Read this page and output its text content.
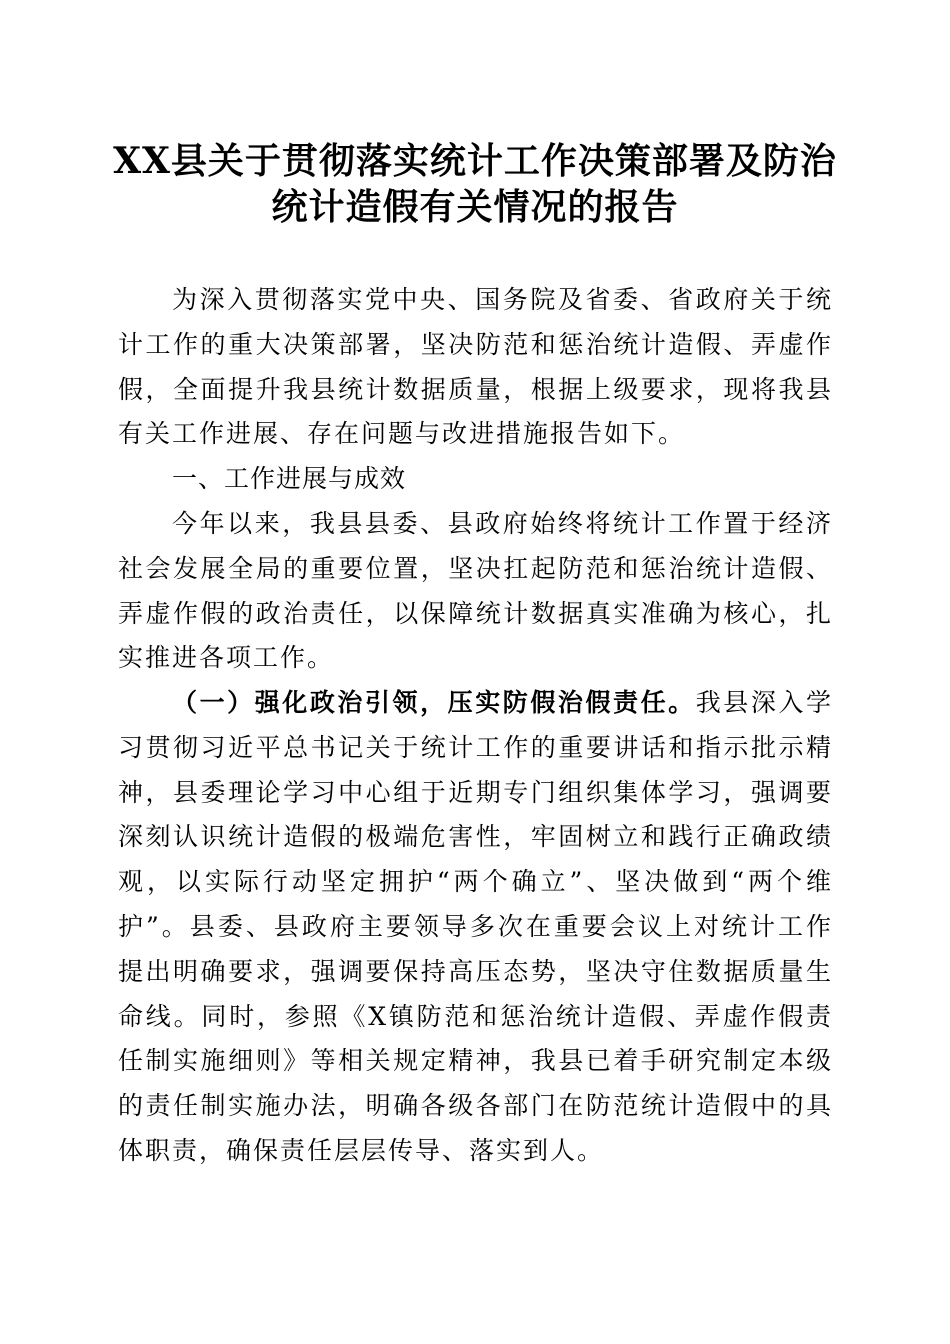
XX县关于贯彻落实统计工作决策部署及防治
统计造假有关情况的报告

为深入贯彻落实党中央、国务院及省委、省政府关于统计工作的重大决策部署，坚决防范和惩治统计造假、弄虚作假，全面提升我县统计数据质量，根据上级要求，现将我县有关工作进展、存在问题与改进措施报告如下。

一、工作进展与成效

今年以来，我县县委、县政府始终将统计工作置于经济社会发展全局的重要位置，坚决扛起防范和惩治统计造假、弄虚作假的政治责任，以保障统计数据真实准确为核心，扎实推进各项工作。

（一）强化政治引领，压实防假治假责任。我县深入学习贯彻习近平总书记关于统计工作的重要讲话和指示批示精神，县委理论学习中心组于近期专门组织集体学习，强调要深刻认识统计造假的极端危害性，牢固树立和践行正确政绩观，以实际行动坚定拥护“两个确立”、坚决做到“两个维护”。县委、县政府主要领导多次在重要会议上对统计工作提出明确要求，强调要保持高压态势，坚决守住数据质量生命线。同时，参照《X镇防范和惩治统计造假、弄虚作假责任制实施细则》等相关规定精神，我县已着手研究制定本级的责任制实施办法，明确各级各部门在防范统计造假中的具体职责，确保责任层层传导、落实到人。
